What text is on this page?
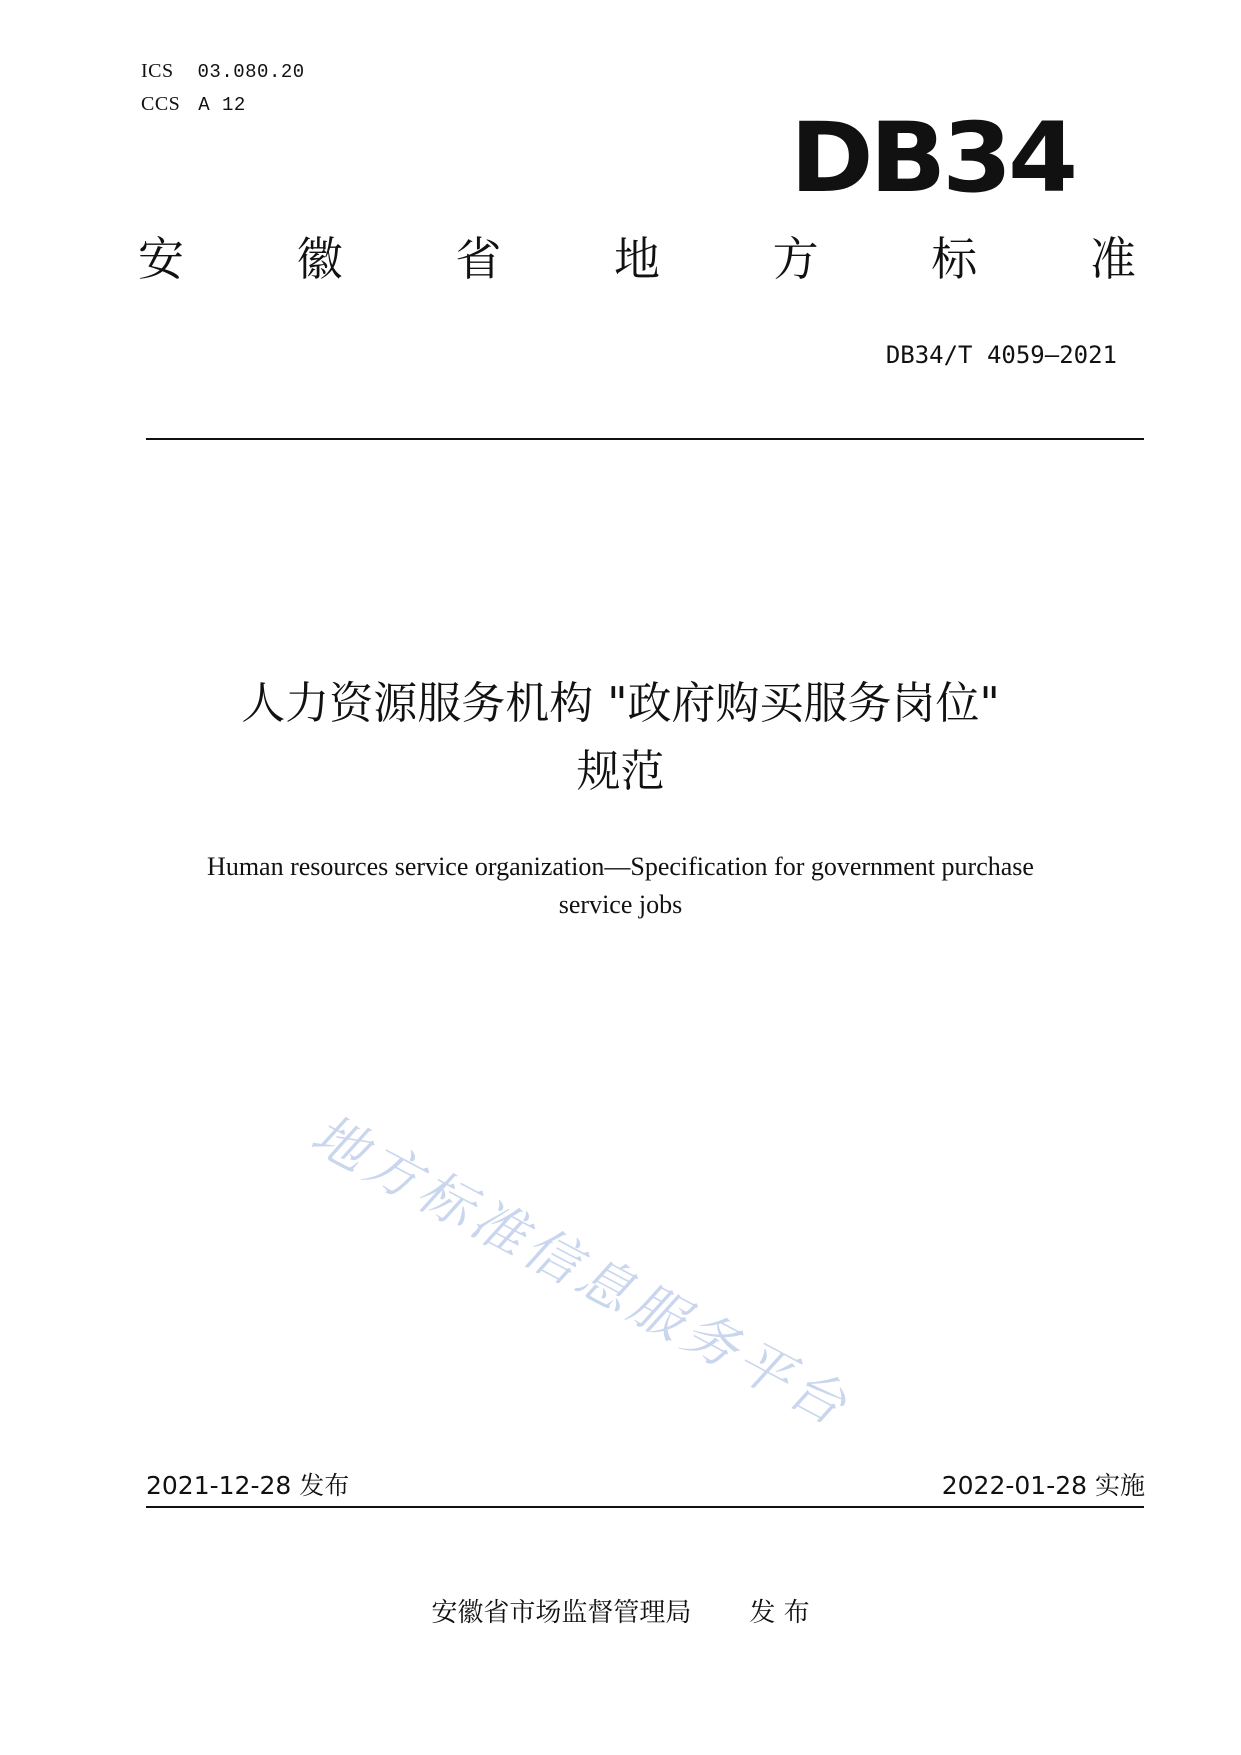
ICS 03.080.20
CCS A 12	DB34
安 徽 省 地 方 标 准
DB34/T 4059—2021
人力资源服务机构 "政府购买服务岗位"
规范
Human resources service organization—Specification for government purchase
service jobs
地方标准信息服务平台
2021-12-28 发布	2022-01-28 实施
安徽省市场监督管理局 发 布
